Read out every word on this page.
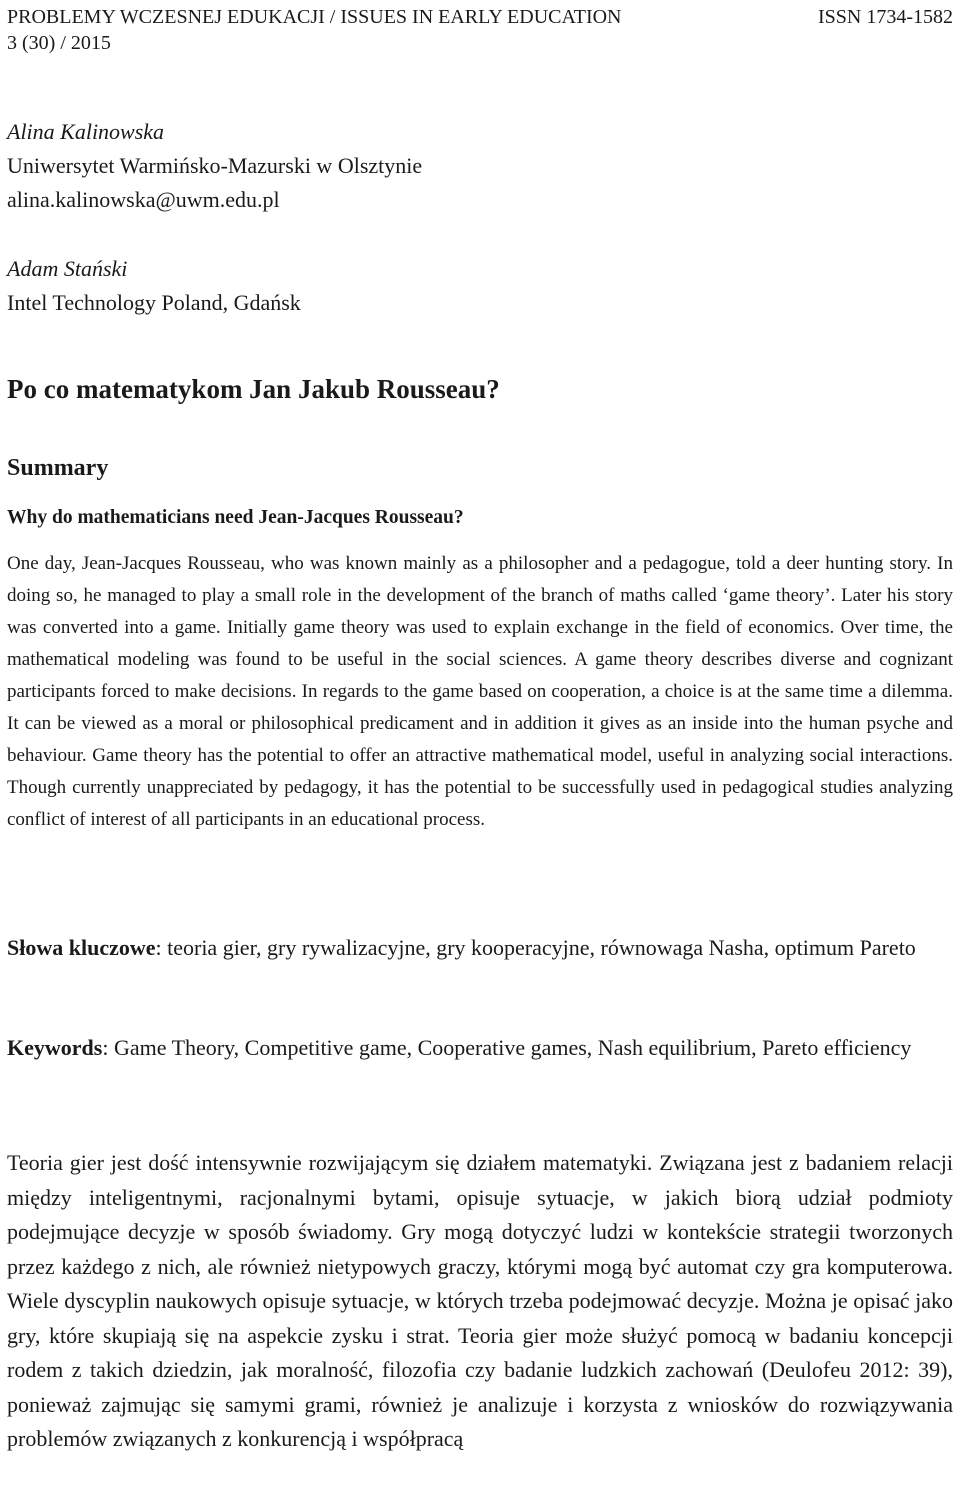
PROBLEMY WCZESNEJ EDUKACJI / ISSUES IN EARLY EDUCATION	ISSN 1734-1582
3 (30) / 2015
Alina Kalinowska
Uniwersytet Warmińsko-Mazurski w Olsztynie
alina.kalinowska@uwm.edu.pl
Adam Stański
Intel Technology Poland, Gdańsk
Po co matematykom Jan Jakub Rousseau?
Summary
Why do mathematicians need Jean-Jacques Rousseau?

One day, Jean-Jacques Rousseau, who was known mainly as a philosopher and a pedagogue, told a deer hunting story. In doing so, he managed to play a small role in the development of the branch of maths called ‘game theory’. Later his story was converted into a game. Initially game theory was used to explain exchange in the field of economics. Over time, the mathematical modeling was found to be useful in the social sciences. A game theory describes diverse and cognizant participants forced to make decisions. In regards to the game based on cooperation, a choice is at the same time a dilemma. It can be viewed as a moral or philosophical predicament and in addition it gives as an inside into the human psyche and behaviour. Game theory has the potential to offer an attractive mathematical model, useful in analyzing social interactions. Though currently unappreciated by pedagogy, it has the potential to be successfully used in pedagogical studies analyzing conflict of interest of all participants in an educational process.

Słowa kluczowe: teoria gier, gry rywalizacyjne, gry kooperacyjne, równowaga Nasha, optimum Pareto

Keywords: Game Theory, Competitive game, Cooperative games, Nash equilibrium, Pareto efficiency

Teoria gier jest dość intensywnie rozwijającym się działem matematyki. Związana jest z badaniem relacji między inteligentnymi, racjonalnymi bytami, opisuje sytuacje, w jakich biorą udział podmioty podejmujące decyzje w sposób świadomy. Gry mogą dotyczyć ludzi w kontekście strategii tworzonych przez każdego z nich, ale również nietypowych graczy, którymi mogą być automat czy gra komputerowa. Wiele dyscyplin naukowych opisuje sytuacje, w których trzeba podejmować decyzje. Można je opisać jako gry, które skupiają się na aspekcie zysku i strat. Teoria gier może służyć pomocą w badaniu koncepcji rodem z takich dziedzin, jak moralność, filozofia czy badanie ludzkich zachowań (Deulofeu 2012: 39), ponieważ zajmując się samymi grami, również je analizuje i korzysta z wniosków do rozwiązywania problemów związanych z konkurencją i współpracą
